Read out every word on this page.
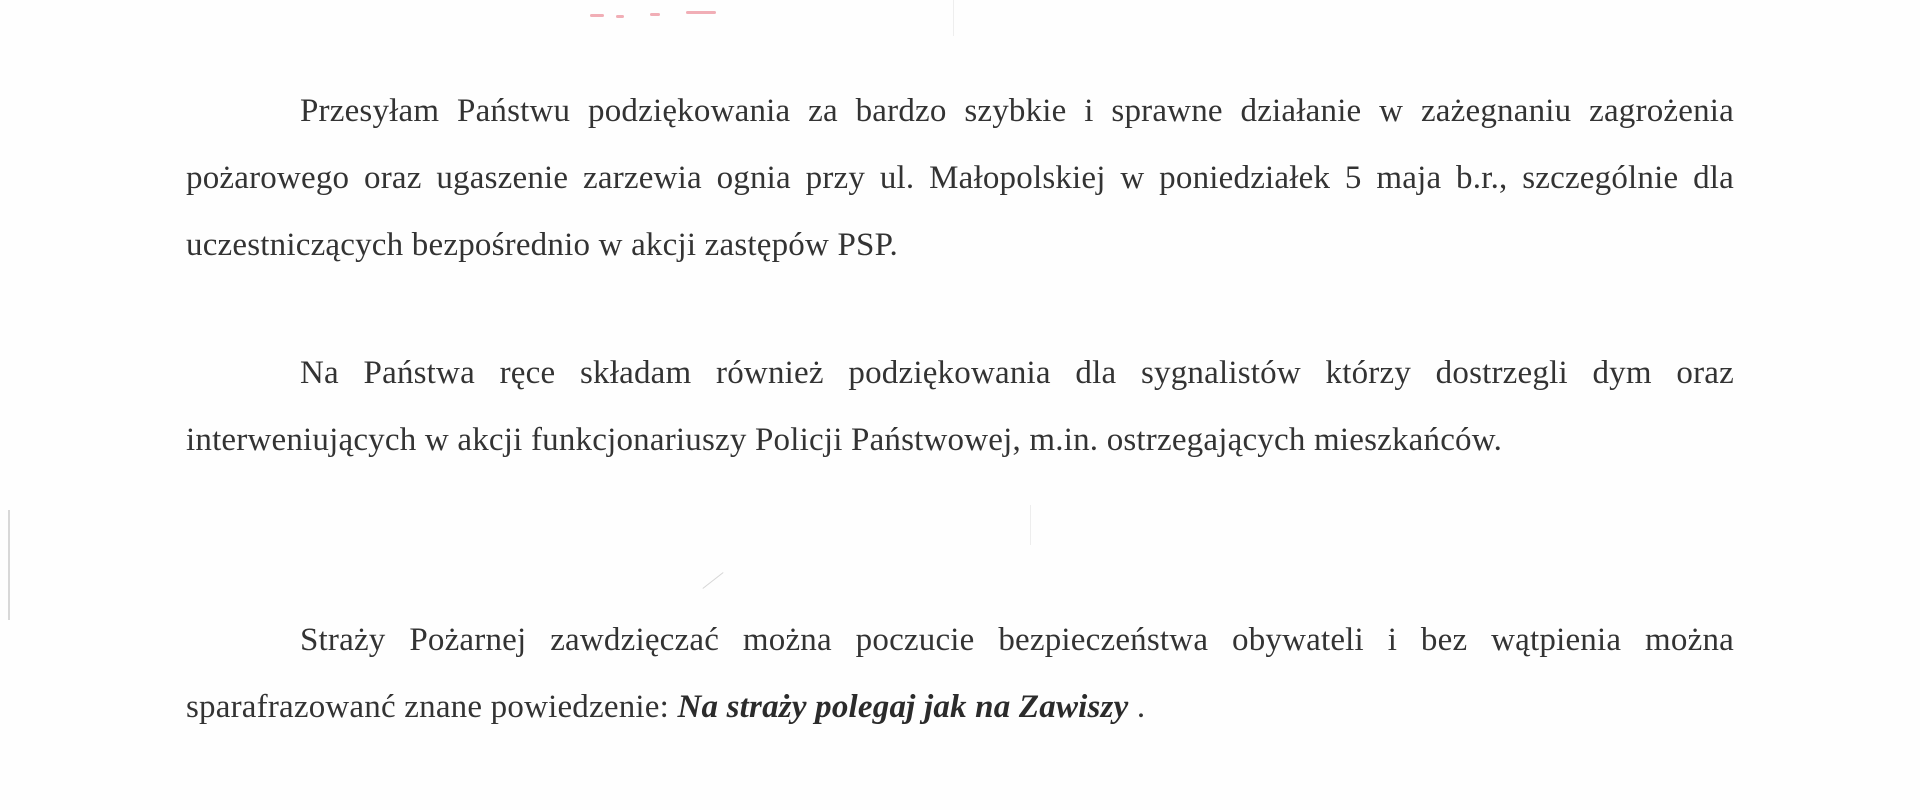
Przesyłam Państwu podziękowania za bardzo szybkie i sprawne działanie w zażegnaniu zagrożenia pożarowego oraz ugaszenie zarzewia ognia przy ul. Małopolskiej w poniedziałek 5 maja b.r., szczególnie dla uczestniczących bezpośrednio w akcji zastępów PSP.

Na Państwa ręce składam również podziękowania dla sygnalistów którzy dostrzegli dym oraz interweniujących w akcji funkcjonariuszy Policji Państwowej, m.in. ostrzegających mieszkańców.

Straży Pożarnej zawdzięczać można poczucie bezpieczeństwa obywateli i bez wątpienia można sparafrazowanć znane powiedzenie: Na straży polegaj jak na Zawiszy .
